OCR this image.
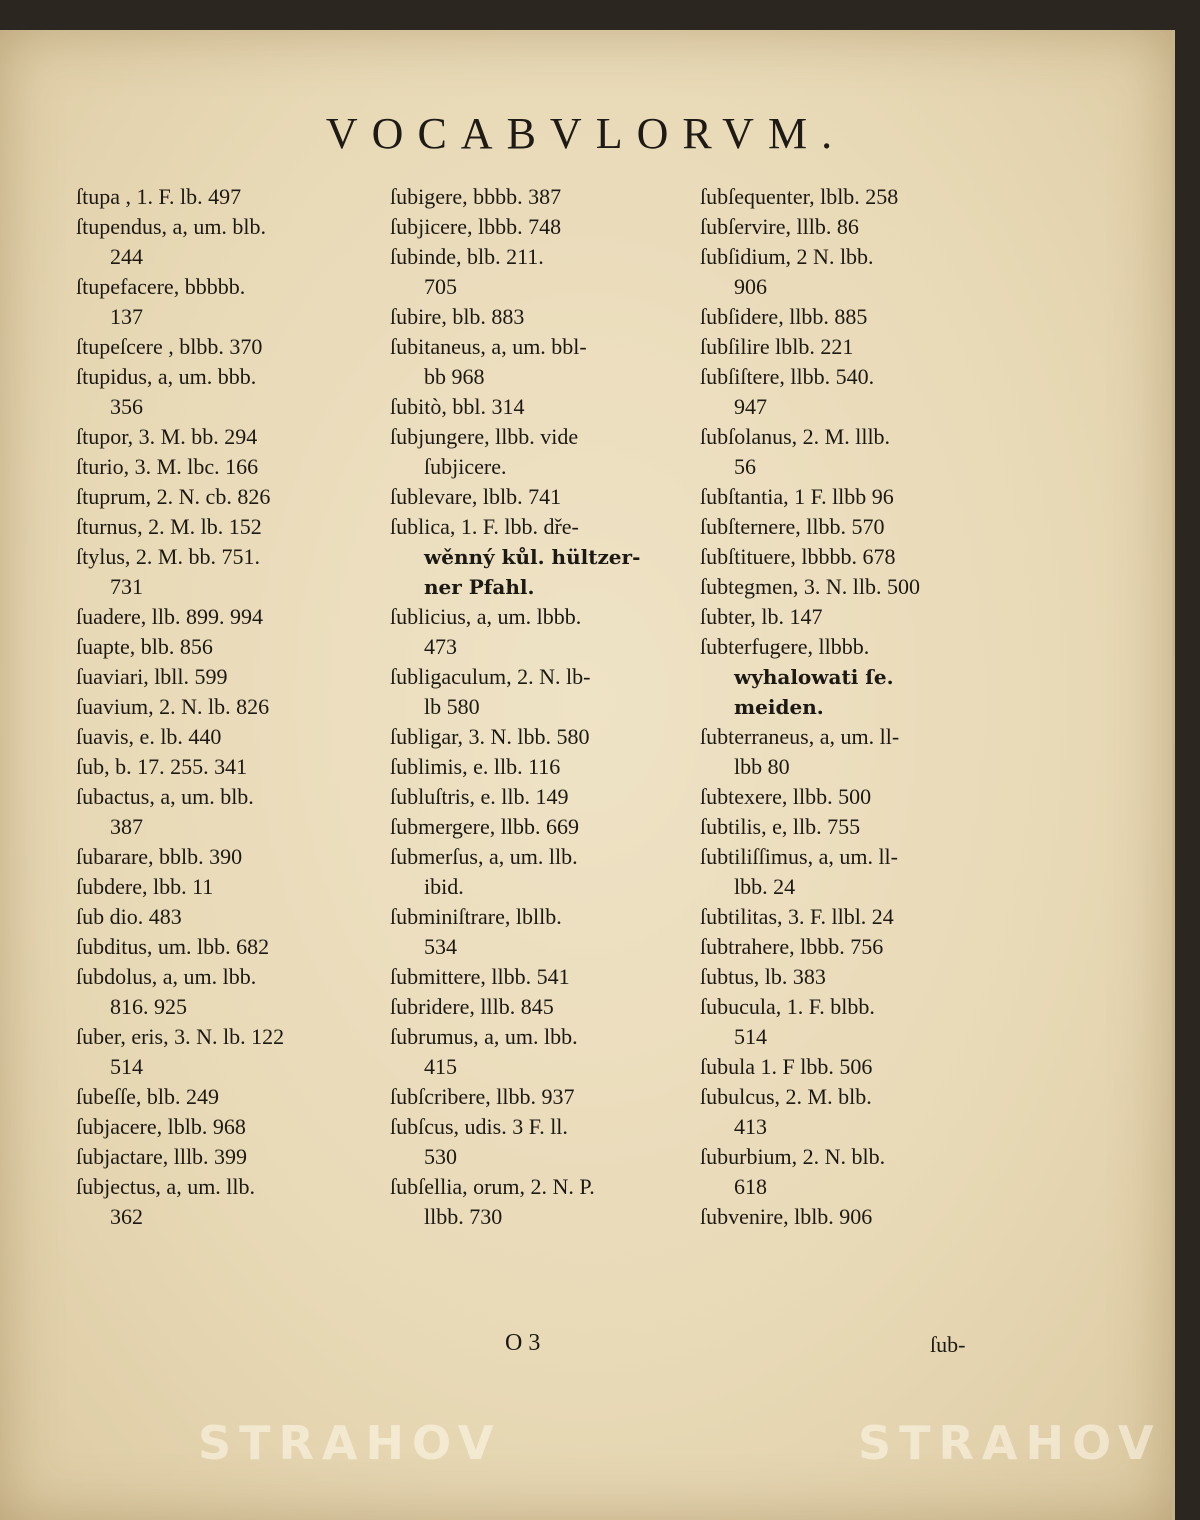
VOCABVLORVM.
ſtupa , 1. F. lb. 497
ſtupendus, a, um. blb.
244
ſtupefacere, bbbbb.
137
ſtupeſcere , blbb. 370
ſtupidus, a, um. bbb.
356
ſtupor, 3. M. bb. 294
ſturio, 3. M. lbc. 166
ſtuprum, 2. N. cb. 826
ſturnus, 2. M. lb. 152
ſtylus, 2. M. bb. 751.
731
ſuadere, llb. 899. 994
ſuapte, blb. 856
ſuaviari, lbll. 599
ſuavium, 2. N. lb. 826
ſuavis, e. lb. 440
ſub, b. 17. 255. 341
ſubactus, a, um. blb.
387
ſubarare, bblb. 390
ſubdere, lbb. 11
ſub dio. 483
ſubditus, um. lbb. 682
ſubdolus, a, um. lbb.
816. 925
ſuber, eris, 3. N. lb. 122
514
ſubeſſe, blb. 249
ſubjacere, lblb. 968
ſubjactare, lllb. 399
ſubjectus, a, um. llb.
362
ſubigere, bbbb. 387
ſubjicere, lbbb. 748
ſubinde, blb. 211.
705
ſubire, blb. 883
ſubitaneus, a, um. bbl-
bb 968
ſubitò, bbl. 314
ſubjungere, llbb. vide
ſubjicere.
ſublevare, lblb. 741
ſublica, 1. F. lbb. dře-
wěnný kůl. hültzer-
ner Pfahl.
ſublicius, a, um. lbbb.
473
ſubligaculum, 2. N. lb-
lb 580
ſubligar, 3. N. lbb. 580
ſublimis, e. llb. 116
ſubluſtris, e. llb. 149
ſubmergere, llbb. 669
ſubmerſus, a, um. llb.
ibid.
ſubminiſtrare, lbllb.
534
ſubmittere, llbb. 541
ſubridere, lllb. 845
ſubrumus, a, um. lbb.
415
ſubſcribere, llbb. 937
ſubſcus, udis. 3 F. ll.
530
ſubſellia, orum, 2. N. P.
llbb. 730
ſubſequenter, lblb. 258
ſubſervire, lllb. 86
ſubſidium, 2 N. lbb.
906
ſubſidere, llbb. 885
ſubſilire lblb. 221
ſubſiſtere, llbb. 540.
947
ſubſolanus, 2. M. lllb.
56
ſubſtantia, 1 F. llbb 96
ſubſternere, llbb. 570
ſubſtituere, lbbbb. 678
ſubtegmen, 3. N. llb. 500
ſubter, lb. 147
ſubterfugere, llbbb.
wyhalowati ſe.
meiden.
ſubterraneus, a, um. ll-
lbb 80
ſubtexere, llbb. 500
ſubtilis, e, llb. 755
ſubtiliſſimus, a, um. ll-
lbb. 24
ſubtilitas, 3. F. llbl. 24
ſubtrahere, lbbb. 756
ſubtus, lb. 383
ſubucula, 1. F. blbb.
514
ſubula 1. F lbb. 506
ſubulcus, 2. M. blb.
413
ſuburbium, 2. N. blb.
618
ſubvenire, lblb. 906
O 3	ſub-
STRAHOV	STRAHOV
